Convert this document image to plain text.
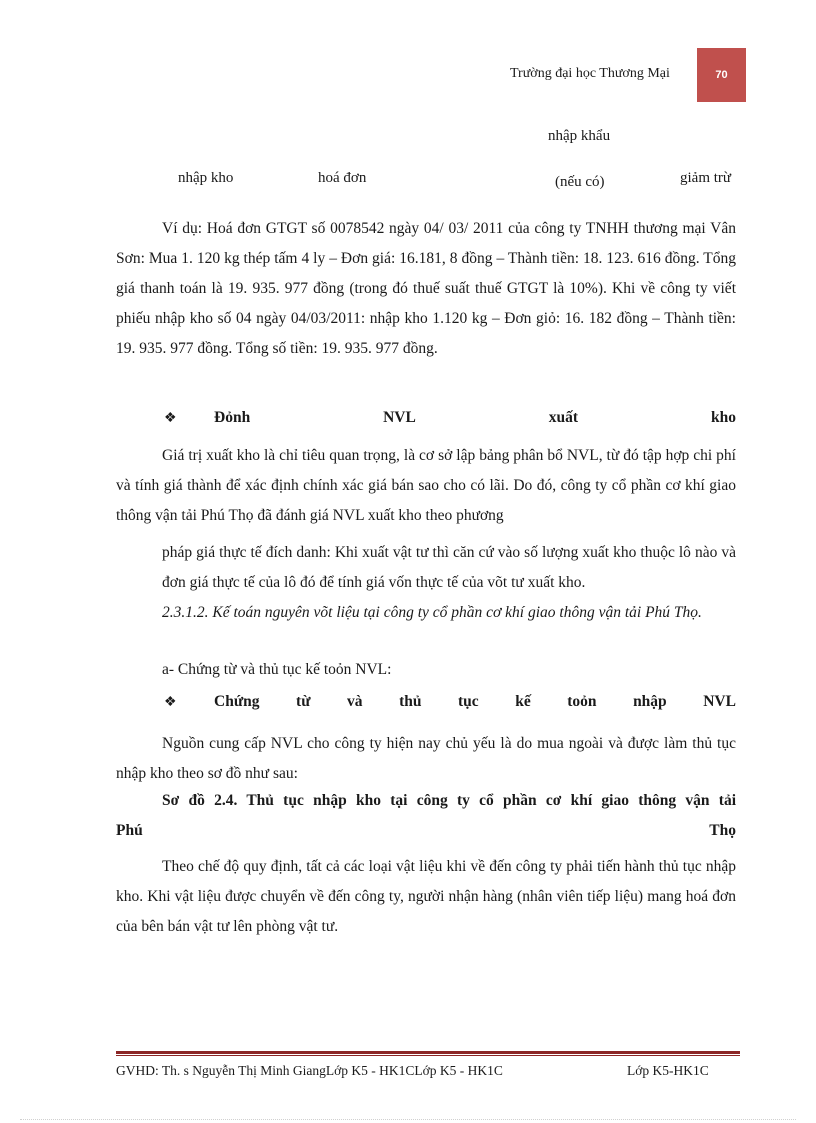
Trường đại học Thương Mại	70
nhập khẩu
nhập kho	hoá đơn	(nếu có)	giảm trừ
Ví dụ: Hoá đơn GTGT số 0078542 ngày 04/ 03/ 2011 của công ty TNHH thương mại Vân Sơn: Mua 1. 120 kg thép tấm 4 ly – Đơn giá: 16.181, 8 đồng – Thành tiền: 18. 123. 616 đồng. Tổng giá thanh toán là 19. 935. 977 đồng (trong đó thuế suất thuế GTGT là 10%). Khi về công ty viết phiếu nhập kho số 04 ngày 04/03/2011: nhập kho 1.120 kg – Đơn giỏ: 16. 182 đồng – Thành tiền: 19. 935. 977 đồng. Tổng số tiền: 19. 935. 977 đồng.
❖	Đỏnh	NVL	xuất	kho
Giá trị xuất kho là chỉ tiêu quan trọng, là cơ sở lập bảng phân bổ NVL, từ đó tập hợp chi phí và tính giá thành để xác định chính xác giá bán sao cho có lãi. Do đó, công ty cổ phần cơ khí giao thông vận tải Phú Thọ đã đánh giá NVL xuất kho theo phương
pháp giá thực tế đích danh: Khi xuất vật tư thì căn cứ vào số lượng xuất kho thuộc lô nào và đơn giá thực tế của lô đó để tính giá vốn thực tế của võt tư xuất kho.
2.3.1.2. Kế toán nguyên võt liệu tại công ty cổ phần cơ khí giao thông vận tải Phú Thọ.
a- Chứng từ và thủ tục kế toỏn NVL:
❖	Chứng từ và thủ tục kế toỏn nhập NVL
Nguồn cung cấp NVL cho công ty hiện nay chủ yếu là do mua ngoài và được làm thủ tục nhập kho theo sơ đồ như sau:
Sơ đồ 2.4. Thủ tục nhập kho tại công ty cổ phần cơ khí giao thông vận tải
Phú	Thọ
Theo chế độ quy định, tất cả các loại vật liệu khi về đến công ty phải tiến hành thủ tục nhập kho. Khi vật liệu được chuyển về đến công ty, người nhận hàng (nhân viên tiếp liệu) mang hoá đơn của bên bán vật tư lên phòng vật tư.
GVHD: Th. s Nguyễn Thị Minh GiangLớp K5 - HK1CLớp K5 - HK1C	Lớp K5-HK1C
